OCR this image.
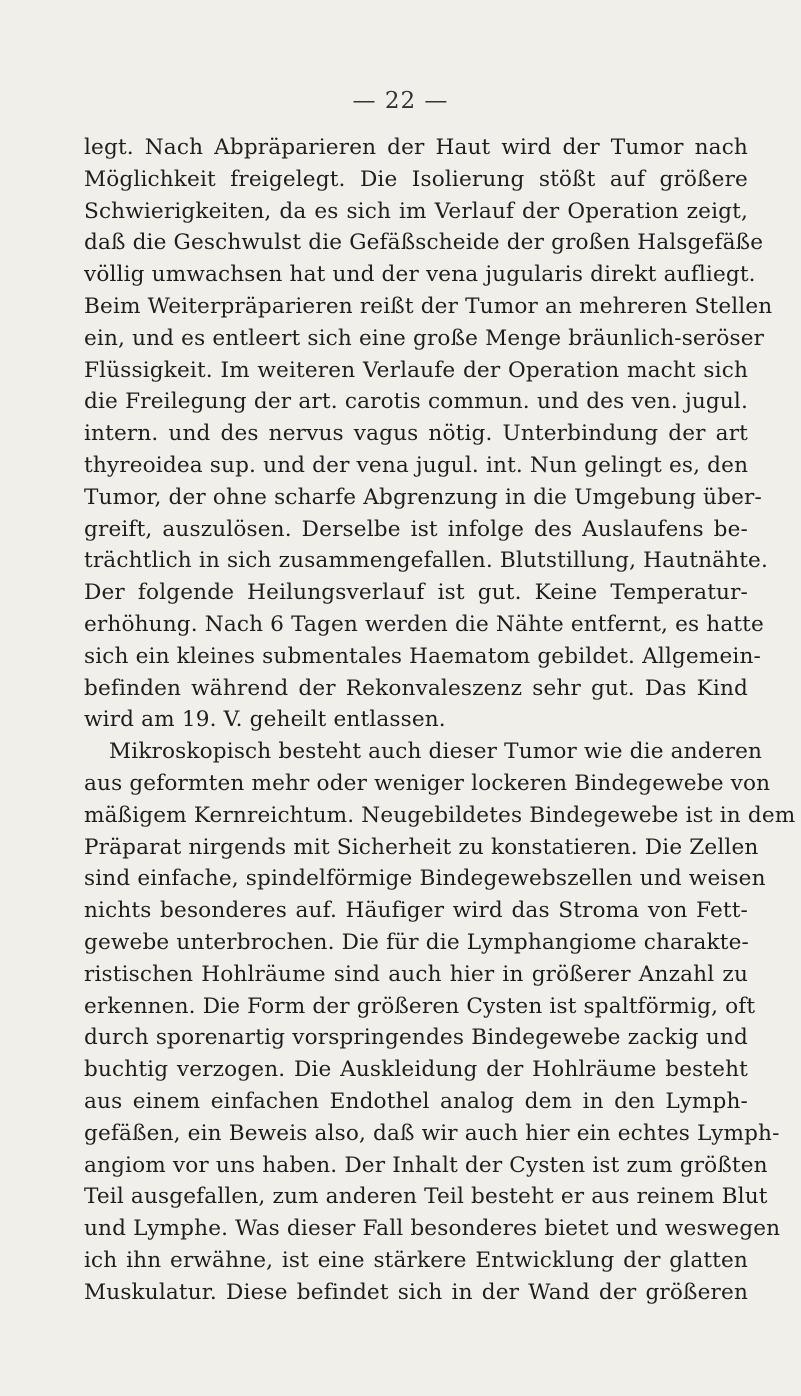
— 22 —
legt. Nach Abpräparieren der Haut wird der Tumor nach
Möglichkeit freigelegt. Die Isolierung stößt auf größere
Schwierigkeiten, da es sich im Verlauf der Operation zeigt,
daß die Geschwulst die Gefäßscheide der großen Halsgefäße
völlig umwachsen hat und der vena jugularis direkt aufliegt.
Beim Weiterpräparieren reißt der Tumor an mehreren Stellen
ein, und es entleert sich eine große Menge bräunlich-seröser
Flüssigkeit. Im weiteren Verlaufe der Operation macht sich
die Freilegung der art. carotis commun. und des ven. jugul.
intern. und des nervus vagus nötig. Unterbindung der art
thyreoidea sup. und der vena jugul. int. Nun gelingt es, den
Tumor, der ohne scharfe Abgrenzung in die Umgebung über-
greift, auszulösen. Derselbe ist infolge des Auslaufens be-
trächtlich in sich zusammengefallen. Blutstillung, Hautnähte.
Der folgende Heilungsverlauf ist gut. Keine Temperatur-
erhöhung. Nach 6 Tagen werden die Nähte entfernt, es hatte
sich ein kleines submentales Haematom gebildet. Allgemein-
befinden während der Rekonvaleszenz sehr gut. Das Kind
wird am 19. V. geheilt entlassen.
Mikroskopisch besteht auch dieser Tumor wie die anderen
aus geformten mehr oder weniger lockeren Bindegewebe von
mäßigem Kernreichtum. Neugebildetes Bindegewebe ist in dem
Präparat nirgends mit Sicherheit zu konstatieren. Die Zellen
sind einfache, spindelförmige Bindegewebszellen und weisen
nichts besonderes auf. Häufiger wird das Stroma von Fett-
gewebe unterbrochen. Die für die Lymphangiome charakte-
ristischen Hohlräume sind auch hier in größerer Anzahl zu
erkennen. Die Form der größeren Cysten ist spaltförmig, oft
durch sporenartig vorspringendes Bindegewebe zackig und
buchtig verzogen. Die Auskleidung der Hohlräume besteht
aus einem einfachen Endothel analog dem in den Lymph-
gefäßen, ein Beweis also, daß wir auch hier ein echtes Lymph-
angiom vor uns haben. Der Inhalt der Cysten ist zum größten
Teil ausgefallen, zum anderen Teil besteht er aus reinem Blut
und Lymphe. Was dieser Fall besonderes bietet und weswegen
ich ihn erwähne, ist eine stärkere Entwicklung der glatten
Muskulatur. Diese befindet sich in der Wand der größeren
